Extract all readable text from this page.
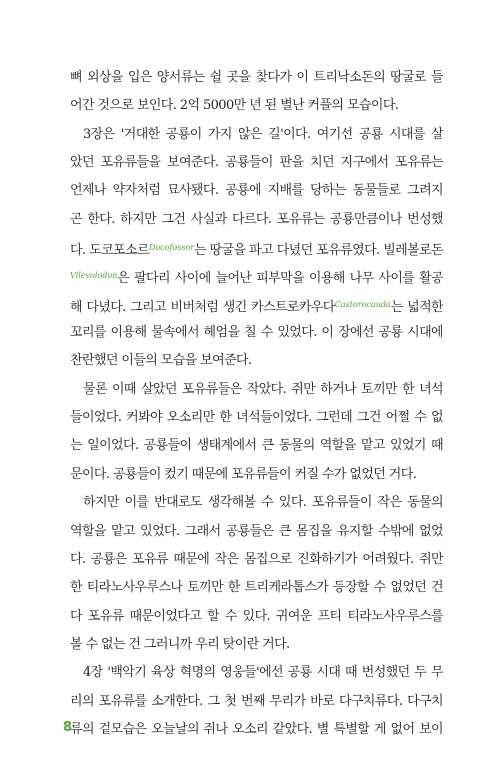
뼈 외상을 입은 양서류는 쉴 곳을 찾다가 이 트리낙소돈의 땅굴로 들
어간 것으로 보인다. 2억 5000만 년 된 별난 커플의 모습이다.
3장은 '거대한 공룡이 가지 않은 길'이다. 여기선 공룡 시대를 살
았던 포유류들을 보여준다. 공룡들이 판을 치던 지구에서 포유류는
언제나 약자처럼 묘사됐다. 공룡에 지배를 당하는 동물들로 그려지
곤 한다. 하지만 그건 사실과 다르다. 포유류는 공룡만큼이나 번성했
다. 도코포소르$^{Docofossor}$는 땅굴을 파고 다녔던 포유류였다. 빌레볼로돈
$^{Vilevolodon}$은 팔다리 사이에 늘어난 피부막을 이용해 나무 사이를 활공
해 다녔다. 그리고 비버처럼 생긴 카스트로카우다$^{Castorocauda}$는 넓적한
꼬리를 이용해 물속에서 헤엄을 칠 수 있었다. 이 장에선 공룡 시대에
찬란했던 이들의 모습을 보여준다.
물론 이때 살았던 포유류들은 작았다. 쥐만 하거나 토끼만 한 녀석
들이었다. 커봐야 오소리만 한 녀석들이었다. 그런데 그건 어쩔 수 없
는 일이었다. 공룡들이 생태계에서 큰 동물의 역할을 맡고 있었기 때
문이다. 공룡들이 컸기 때문에 포유류들이 커질 수가 없었던 거다.
하지만 이를 반대로도 생각해볼 수 있다. 포유류들이 작은 동물의
역할을 맡고 있었다. 그래서 공룡들은 큰 몸집을 유지할 수밖에 없었
다. 공룡은 포유류 때문에 작은 몸집으로 진화하기가 어려웠다. 쥐만
한 티라노사우루스나 토끼만 한 트리케라톱스가 등장할 수 없었던 건
다 포유류 때문이었다고 할 수 있다. 귀여운 프티 티라노사우루스를
볼 수 없는 건 그러니까 우리 탓이란 거다.
4장 '백악기 육상 혁명의 영웅들'에선 공룡 시대 때 번성했던 두 무
리의 포유류를 소개한다. 그 첫 번째 무리가 바로 다구치류다. 다구치
류의 겉모습은 오늘날의 쥐나 오소리 같았다. 별 특별할 게 없어 보이
8
